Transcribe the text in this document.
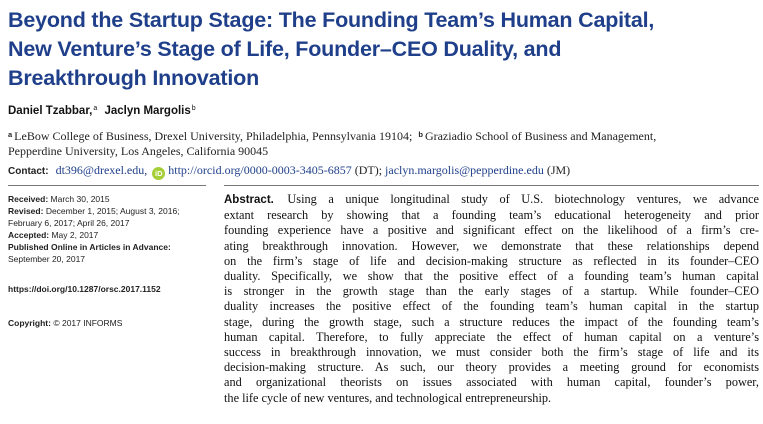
Beyond the Startup Stage: The Founding Team’s Human Capital,
New Venture’s Stage of Life, Founder–CEO Duality, and
Breakthrough Innovation
Daniel Tzabbar,$^a$ Jaclyn Margolis$^b$
$^a$ LeBow College of Business, Drexel University, Philadelphia, Pennsylvania 19104; $^b$ Graziadio School of Business and Management,
Pepperdine University, Los Angeles, California 90045
Contact: dt396@drexel.edu, iD http://orcid.org/0000-0003-3405-6857 (DT); jaclyn.margolis@pepperdine.edu (JM)
Received: March 30, 2015
Revised: December 1, 2015; August 3, 2016;
February 6, 2017; April 26, 2017
Accepted: May 2, 2017
Published Online in Articles in Advance:
September 20, 2017
https://doi.org/10.1287/orsc.2017.1152
Copyright: © 2017 INFORMS
Abstract. Using a unique longitudinal study of U.S. biotechnology ventures, we advance
extant research by showing that a founding team’s educational heterogeneity and prior
founding experience have a positive and significant effect on the likelihood of a firm’s cre-
ating breakthrough innovation. However, we demonstrate that these relationships depend
on the firm’s stage of life and decision-making structure as reflected in its founder–CEO
duality. Specifically, we show that the positive effect of a founding team’s human capital
is stronger in the growth stage than the early stages of a startup. While founder–CEO
duality increases the positive effect of the founding team’s human capital in the startup
stage, during the growth stage, such a structure reduces the impact of the founding team’s
human capital. Therefore, to fully appreciate the effect of human capital on a venture’s
success in breakthrough innovation, we must consider both the firm’s stage of life and its
decision-making structure. As such, our theory provides a meeting ground for economists
and organizational theorists on issues associated with human capital, founder’s power,
the life cycle of new ventures, and technological entrepreneurship.
